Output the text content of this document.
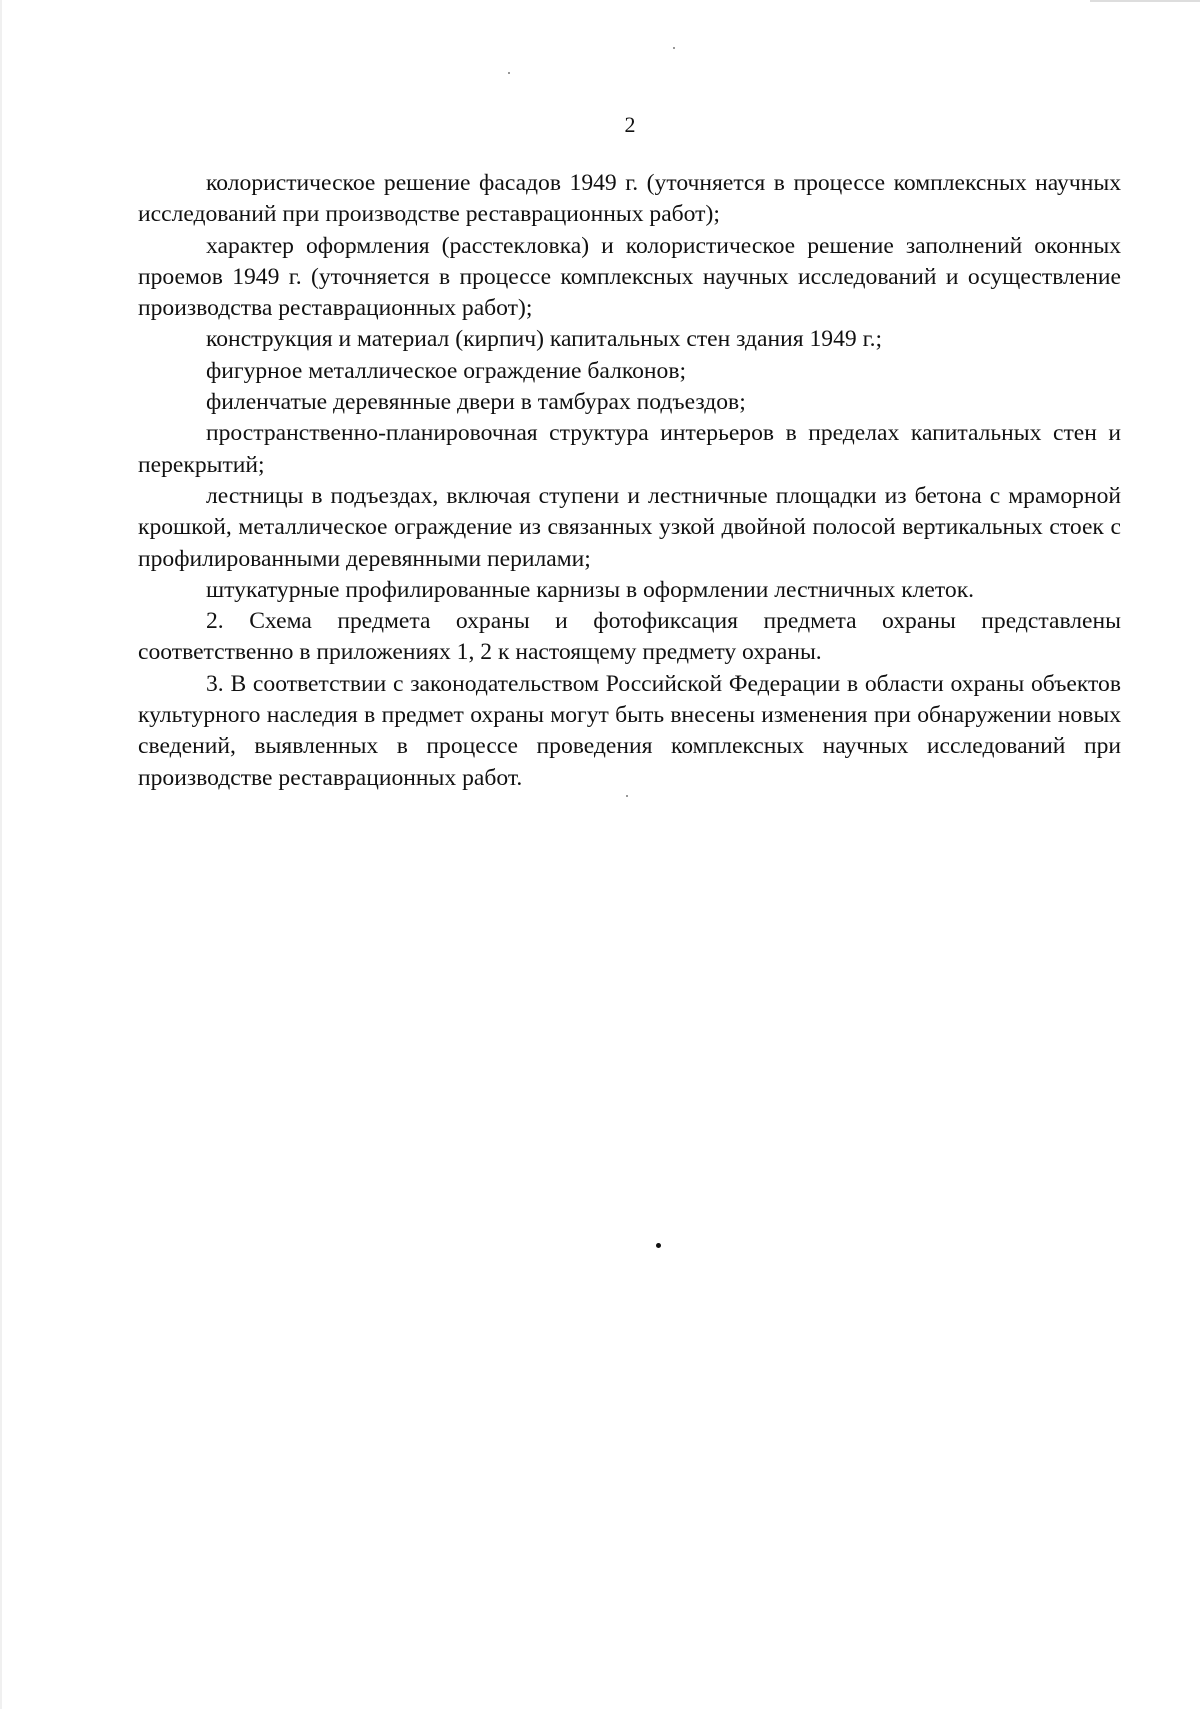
2

колористическое решение фасадов 1949 г. (уточняется в процессе комплексных научных исследований при производстве реставрационных работ);

характер оформления (расстекловка) и колористическое решение заполнений оконных проемов 1949 г. (уточняется в процессе комплексных научных исследований и осуществление производства реставрационных работ);

конструкция и материал (кирпич) капитальных стен здания 1949 г.;

фигурное металлическое ограждение балконов;

филенчатые деревянные двери в тамбурах подъездов;

пространственно-планировочная структура интерьеров в пределах капитальных стен и перекрытий;

лестницы в подъездах, включая ступени и лестничные площадки из бетона с мраморной крошкой, металлическое ограждение из связанных узкой двойной полосой вертикальных стоек с профилированными деревянными перилами;

штукатурные профилированные карнизы в оформлении лестничных клеток.

2. Схема предмета охраны и фотофиксация предмета охраны представлены соответственно в приложениях 1, 2 к настоящему предмету охраны.

3. В соответствии с законодательством Российской Федерации в области охраны объектов культурного наследия в предмет охраны могут быть внесены изменения при обнаружении новых сведений, выявленных в процессе проведения комплексных научных исследований при производстве реставрационных работ.
